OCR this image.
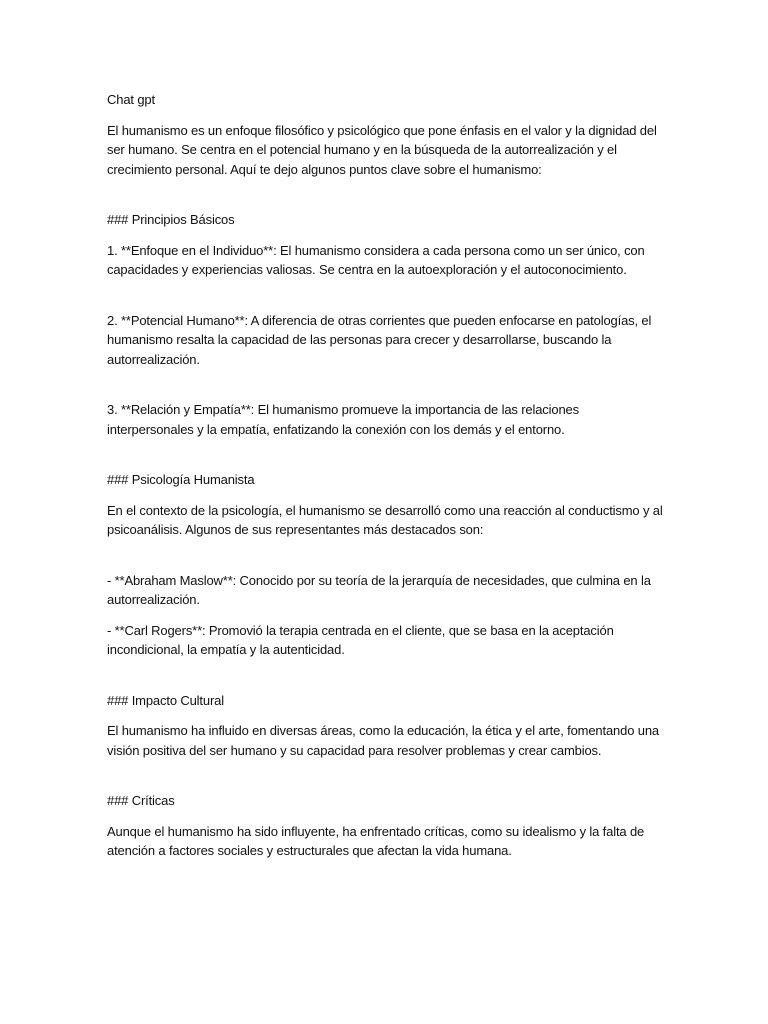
Chat gpt

El humanismo es un enfoque filosófico y psicológico que pone énfasis en el valor y la dignidad del ser humano. Se centra en el potencial humano y en la búsqueda de la autorrealización y el crecimiento personal. Aquí te dejo algunos puntos clave sobre el humanismo:

### Principios Básicos

1. **Enfoque en el Individuo**: El humanismo considera a cada persona como un ser único, con capacidades y experiencias valiosas. Se centra en la autoexploración y el autoconocimiento.

2. **Potencial Humano**: A diferencia de otras corrientes que pueden enfocarse en patologías, el humanismo resalta la capacidad de las personas para crecer y desarrollarse, buscando la autorrealización.

3. **Relación y Empatía**: El humanismo promueve la importancia de las relaciones interpersonales y la empatía, enfatizando la conexión con los demás y el entorno.

### Psicología Humanista

En el contexto de la psicología, el humanismo se desarrolló como una reacción al conductismo y al psicoanálisis. Algunos de sus representantes más destacados son:

- **Abraham Maslow**: Conocido por su teoría de la jerarquía de necesidades, que culmina en la autorrealización.

- **Carl Rogers**: Promovió la terapia centrada en el cliente, que se basa en la aceptación incondicional, la empatía y la autenticidad.

### Impacto Cultural

El humanismo ha influido en diversas áreas, como la educación, la ética y el arte, fomentando una visión positiva del ser humano y su capacidad para resolver problemas y crear cambios.

### Críticas

Aunque el humanismo ha sido influyente, ha enfrentado críticas, como su idealismo y la falta de atención a factores sociales y estructurales que afectan la vida humana.
